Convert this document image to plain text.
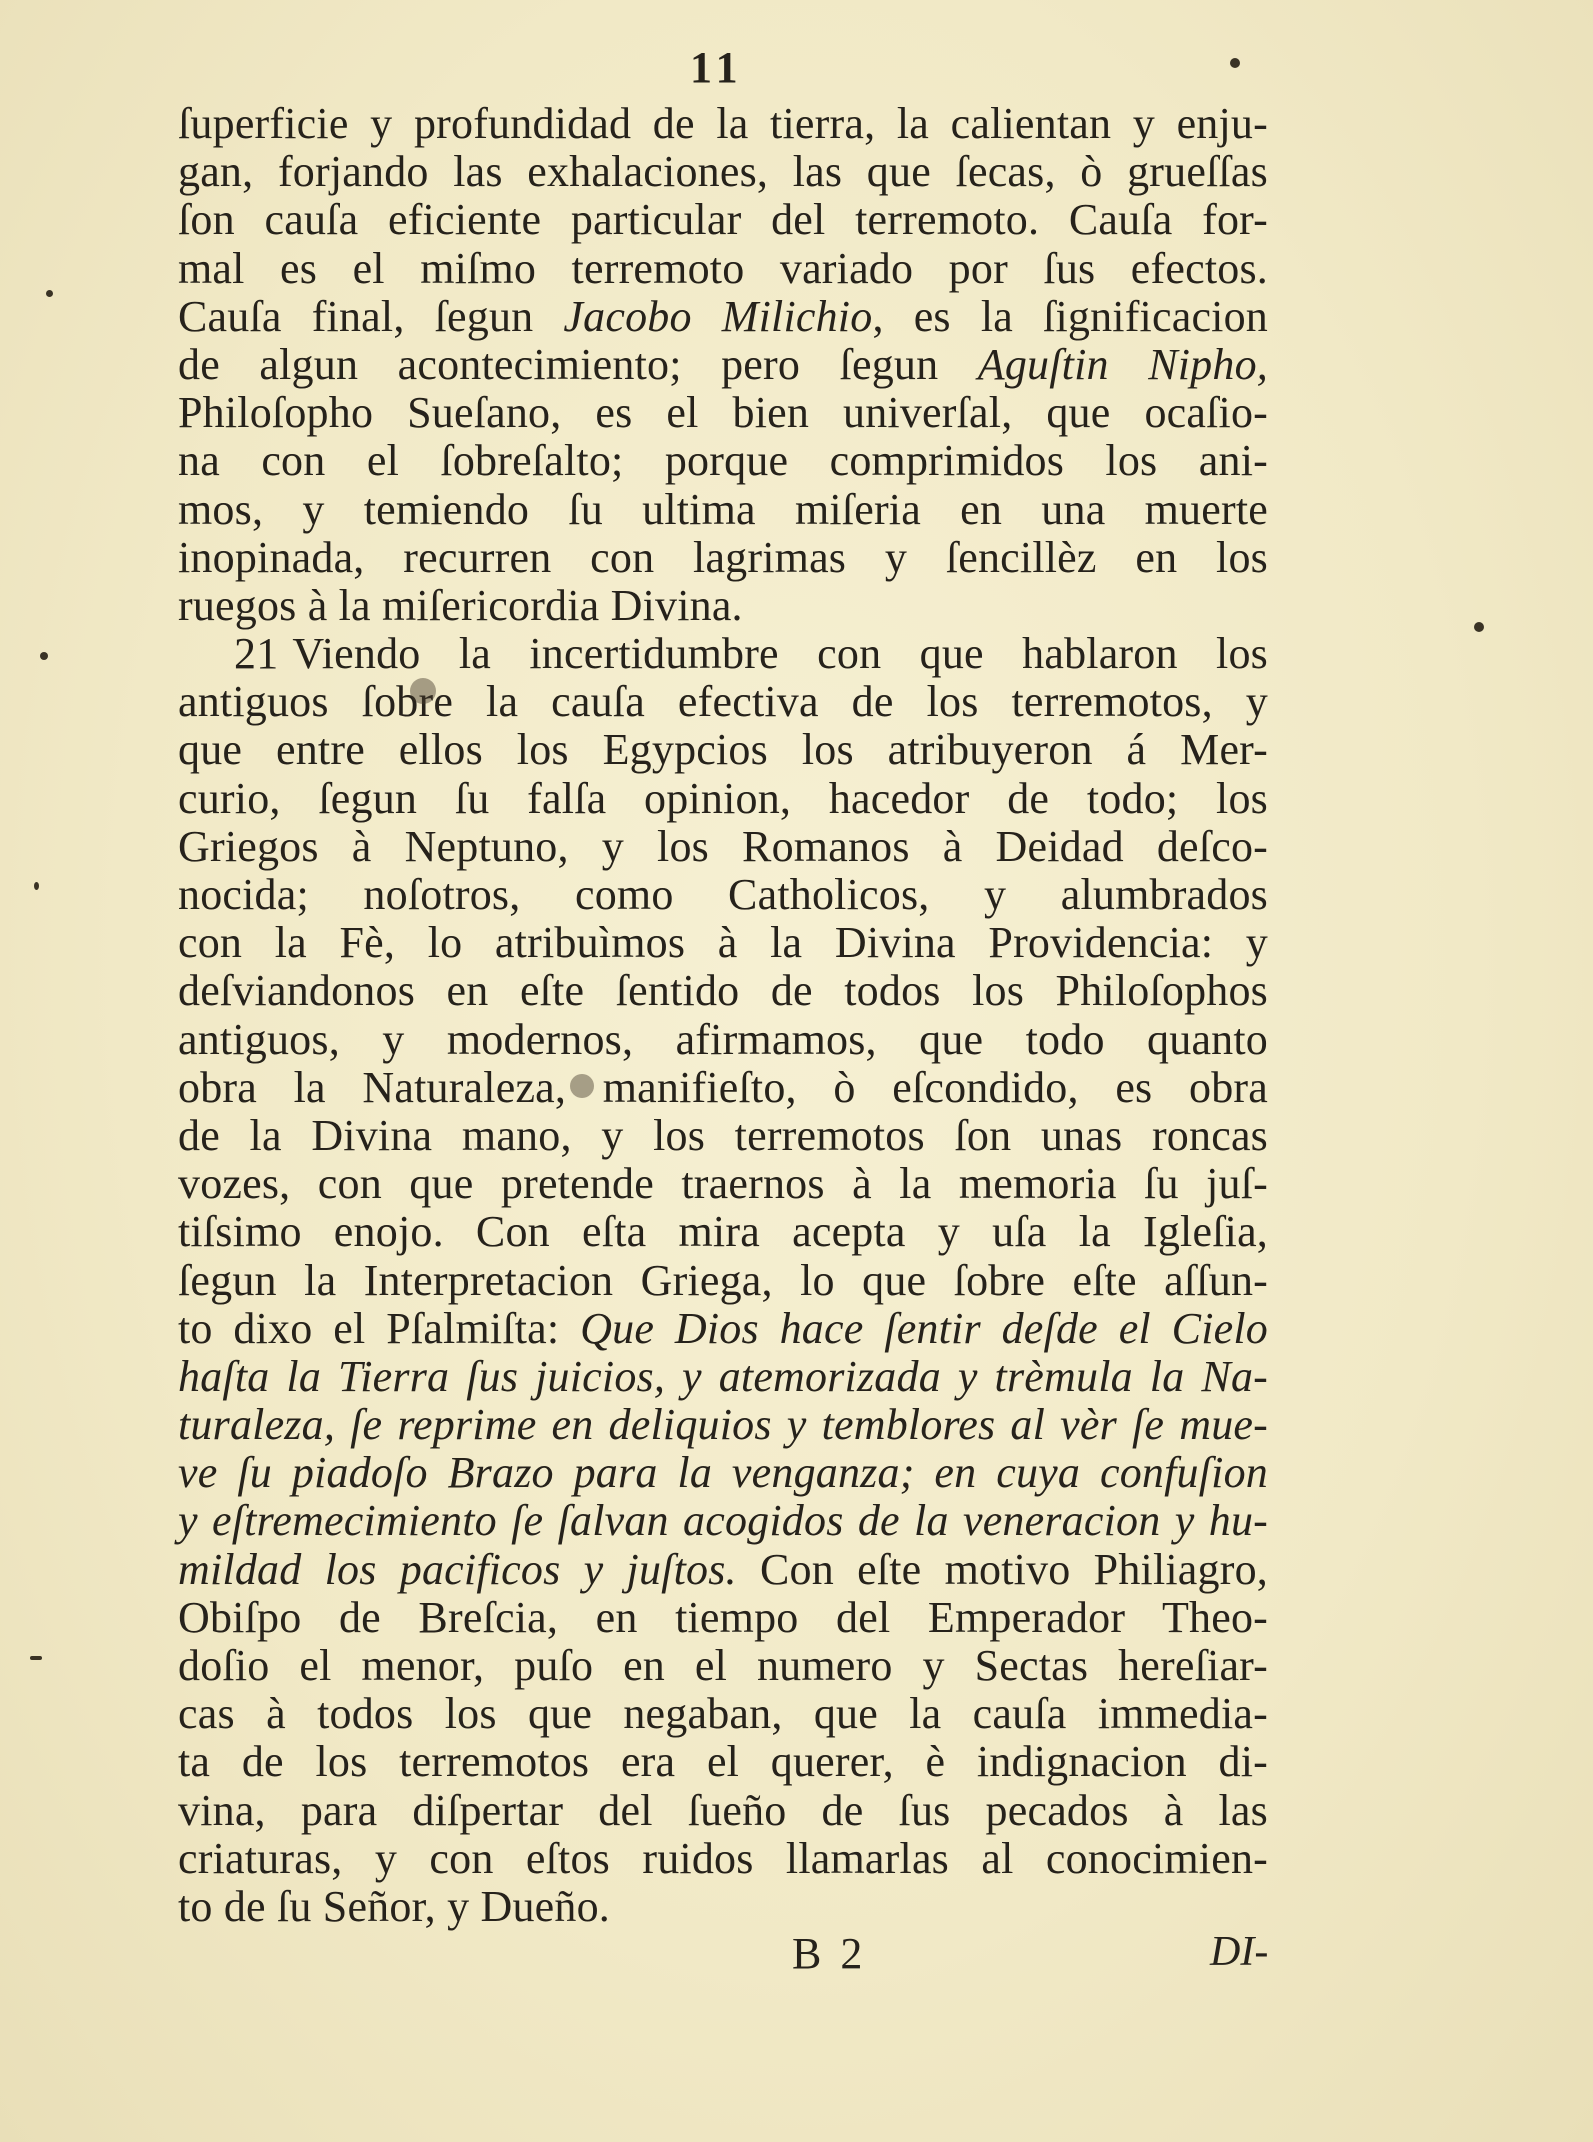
11
ſuperficie y profundidad de la tierra, la calientan y enju-
gan, forjando las exhalaciones, las que ſecas, ò grueſſas
ſon cauſa eficiente particular del terremoto. Cauſa for-
mal es el miſmo terremoto variado por ſus efectos.
Cauſa final, ſegun Jacobo Milichio, es la ſignificacion
de algun acontecimiento; pero ſegun Aguſtin Nipho,
Philoſopho Sueſano, es el bien univerſal, que ocaſio-
na con el ſobreſalto; porque comprimidos los ani-
mos, y temiendo ſu ultima miſeria en una muerte
inopinada, recurren con lagrimas y ſencillèz en los
ruegos à la miſericordia Divina.
21 Viendo la incertidumbre con que hablaron los
antiguos ſobre la cauſa efectiva de los terremotos, y
que entre ellos los Egypcios los atribuyeron á Mer-
curio, ſegun ſu falſa opinion, hacedor de todo; los
Griegos à Neptuno, y los Romanos à Deidad deſco-
nocida; noſotros, como Catholicos, y alumbrados
con la Fè, lo atribuìmos à la Divina Providencia: y
deſviandonos en eſte ſentido de todos los Philoſophos
antiguos, y modernos, afirmamos, que todo quanto
obra la Naturaleza, manifieſto, ò eſcondido, es obra
de la Divina mano, y los terremotos ſon unas roncas
vozes, con que pretende traernos à la memoria ſu juſ-
tiſsimo enojo. Con eſta mira acepta y uſa la Igleſia,
ſegun la Interpretacion Griega, lo que ſobre eſte aſſun-
to dixo el Pſalmiſta: Que Dios hace ſentir deſde el Cielo
haſta la Tierra ſus juicios, y atemorizada y trèmula la Na-
turaleza, ſe reprime en deliquios y temblores al vèr ſe mue-
ve ſu piadoſo Brazo para la venganza; en cuya confuſion
y eſtremecimiento ſe ſalvan acogidos de la veneracion y hu-
mildad los pacificos y juſtos. Con eſte motivo Philiagro,
Obiſpo de Breſcia, en tiempo del Emperador Theo-
doſio el menor, puſo en el numero y Sectas hereſiar-
cas à todos los que negaban, que la cauſa immedia-
ta de los terremotos era el querer, è indignacion di-
vina, para diſpertar del ſueño de ſus pecados à las
criaturas, y con eſtos ruidos llamarlas al conocimien-
to de ſu Señor, y Dueño.
B 2	DI-
